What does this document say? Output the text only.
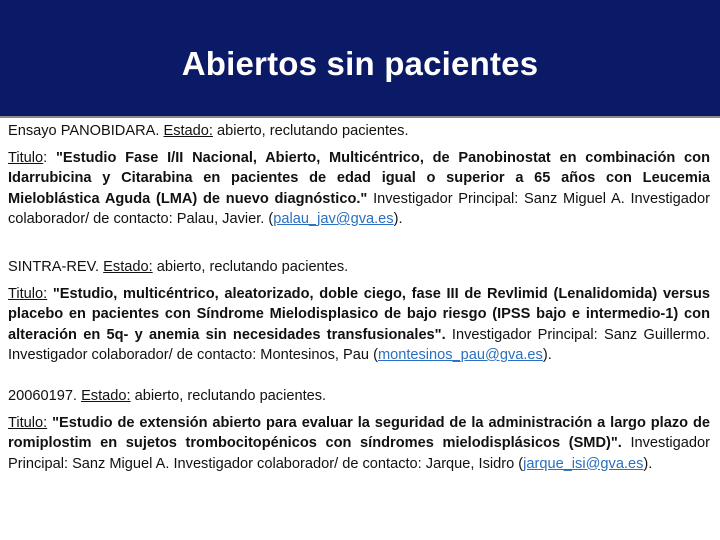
Abiertos sin pacientes

Ensayo PANOBIDARA. Estado: abierto, reclutando pacientes.

Titulo: "Estudio Fase I/II Nacional, Abierto, Multicéntrico, de Panobinostat en combinación con Idarrubicina y Citarabina en pacientes de edad igual o superior a 65 años con Leucemia Mieloblástica Aguda (LMA) de nuevo diagnóstico." Investigador Principal: Sanz Miguel A. Investigador colaborador/ de contacto: Palau, Javier. (palau_jav@gva.es).

SINTRA-REV. Estado: abierto, reclutando pacientes.

Titulo: "Estudio, multicéntrico, aleatorizado, doble ciego, fase III de Revlimid (Lenalidomida) versus placebo en pacientes con Síndrome Mielodisplasico de bajo riesgo (IPSS bajo e intermedio-1) con alteración en 5q- y anemia sin necesidades transfusionales". Investigador Principal: Sanz Guillermo. Investigador colaborador/ de contacto: Montesinos, Pau (montesinos_pau@gva.es).

20060197. Estado: abierto, reclutando pacientes.

Titulo: "Estudio de extensión abierto para evaluar la seguridad de la administración a largo plazo de romiplostim en sujetos trombocitopénicos con síndromes mielodisplásicos (SMD)". Investigador Principal: Sanz Miguel A. Investigador colaborador/ de contacto: Jarque, Isidro (jarque_isi@gva.es).
